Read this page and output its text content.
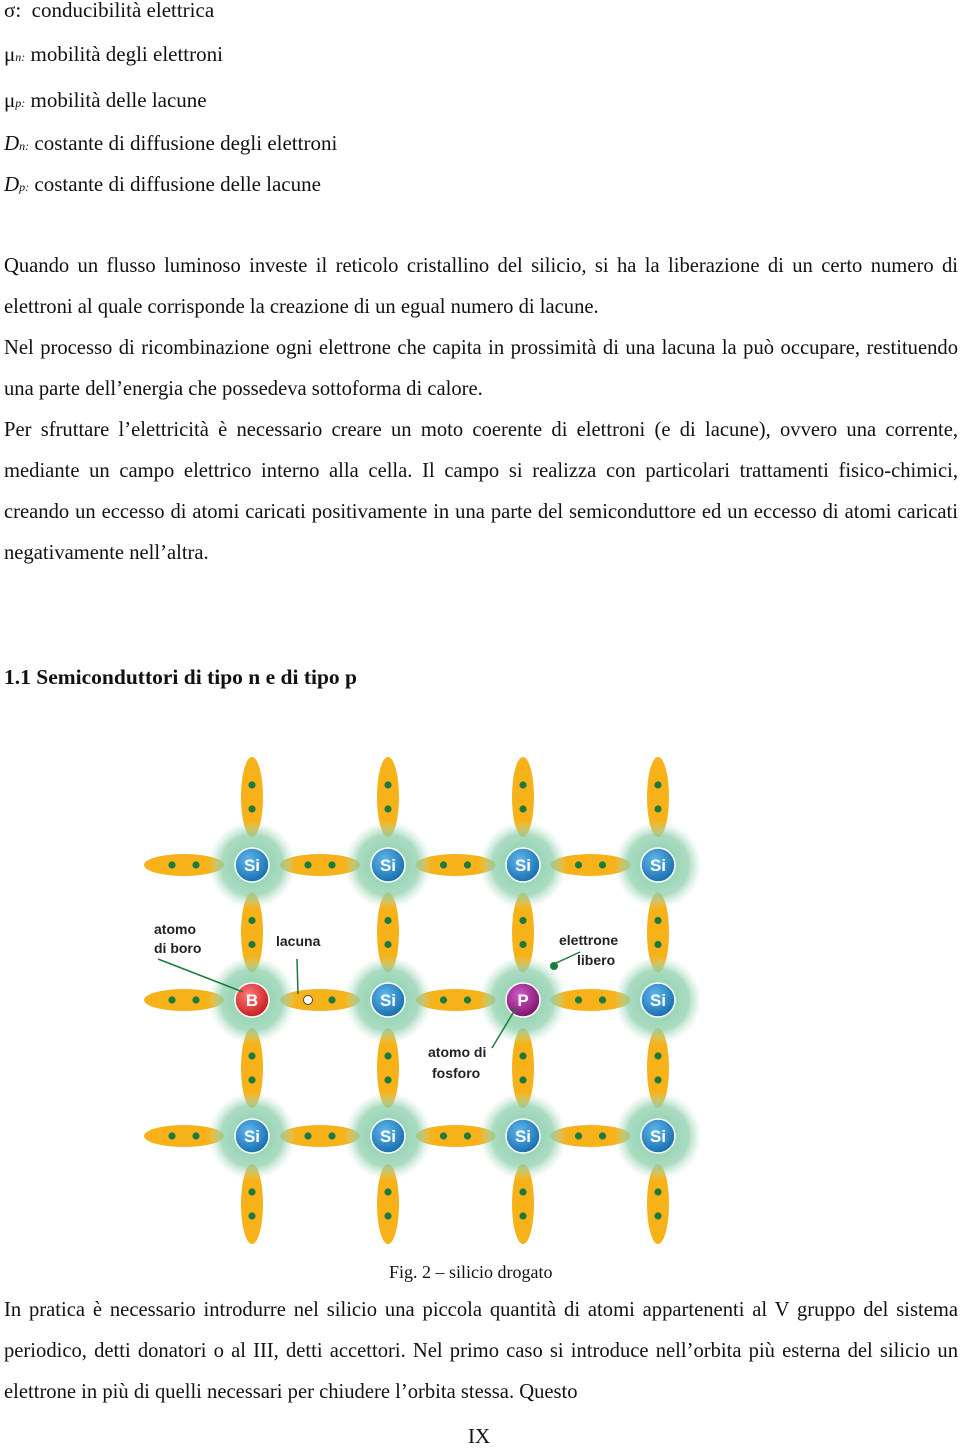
σ: conducibilità elettrica
μn: mobilità degli elettroni
μp: mobilità delle lacune
Dn: costante di diffusione degli elettroni
Dp: costante di diffusione delle lacune

Quando un flusso luminoso investe il reticolo cristallino del silicio, si ha la liberazione di un certo numero di elettroni al quale corrisponde la creazione di un egual numero di lacune.

Nel processo di ricombinazione ogni elettrone che capita in prossimità di una lacuna la può occupare, restituendo una parte dell’energia che possedeva sottoforma di calore.

Per sfruttare l’elettricità è necessario creare un moto coerente di elettroni (e di lacune), ovvero una corrente, mediante un campo elettrico interno alla cella. Il campo si realizza con particolari trattamenti fisico-chimici, creando un eccesso di atomi caricati positivamente in una parte del semiconduttore ed un eccesso di atomi caricati negativamente nell’altra.

1.1 Semiconduttori di tipo n e di tipo p
Si	Si	Si	Si
B	Si	P	Si
Si	Si	Si	Si
atomo
di boro	lacuna	elettrone
libero
atomo di
fosforo
Fig. 2 – silicio drogato

In pratica è necessario introdurre nel silicio una piccola quantità di atomi appartenenti al V gruppo del sistema periodico, detti donatori o al III, detti accettori. Nel primo caso si introduce nell’orbita più esterna del silicio un elettrone in più di quelli necessari per chiudere l’orbita stessa. Questo

IX
